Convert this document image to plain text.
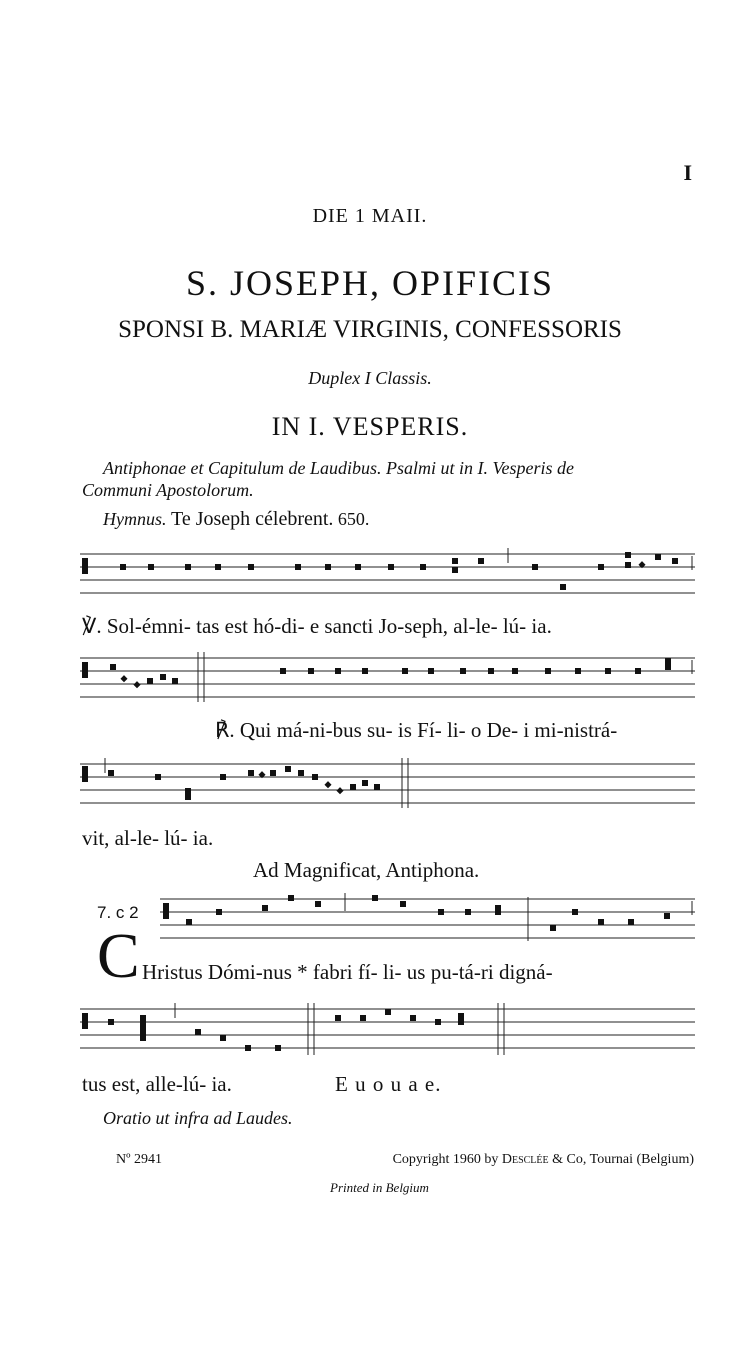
I
DIE 1 MAII.
S. JOSEPH, OPIFICIS
SPONSI B. MARIÆ VIRGINIS, CONFESSORIS
Duplex I Classis.
IN I. VESPERIS.
Antiphonae et Capitulum de Laudibus. Psalmi ut in I. Vesperis de
Communi Apostolorum.
Hymnus. Te Joseph célebrent. 650.
℣. Sol-émni- tas est hó-di- e sancti Jo-seph, al-le- lú- ia.
℟. Qui má-ni-bus su- is Fí- li- o De- i mi-nistrá-
vit, al-le- lú- ia.
Ad Magnificat, Antiphona.
7. c 2
C Hristus Dómi-nus * fabri fí- li- us pu-tá-ri digná-
tus est, alle-lú- ia.	E u o u a e.
Oratio ut infra ad Laudes.
Nº 2941	Copyright 1960 by Desclée & Co, Tournai (Belgium)
Printed in Belgium
